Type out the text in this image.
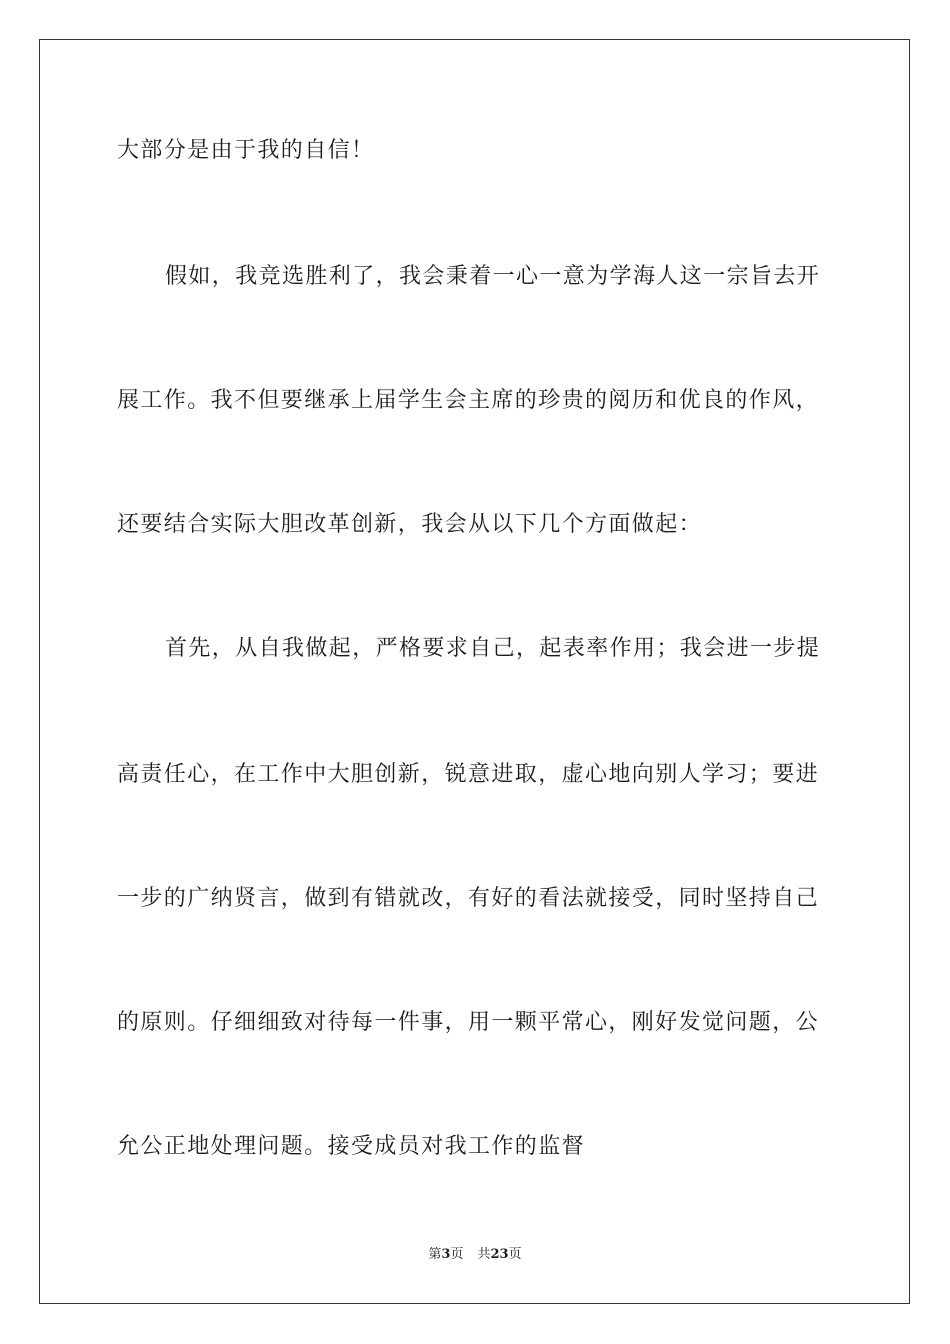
大部分是由于我的自信！
假如，我竞选胜利了，我会秉着一心一意为学海人这一宗旨去开
展工作。我不但要继承上届学生会主席的珍贵的阅历和优良的作风，
还要结合实际大胆改革创新，我会从以下几个方面做起：
首先，从自我做起，严格要求自己，起表率作用；我会进一步提
高责任心，在工作中大胆创新，锐意进取，虚心地向别人学习；要进
一步的广纳贤言，做到有错就改，有好的看法就接受，同时坚持自己
的原则。仔细细致对待每一件事，用一颗平常心，刚好发觉问题，公
允公正地处理问题。接受成员对我工作的监督
第3页 共23页
